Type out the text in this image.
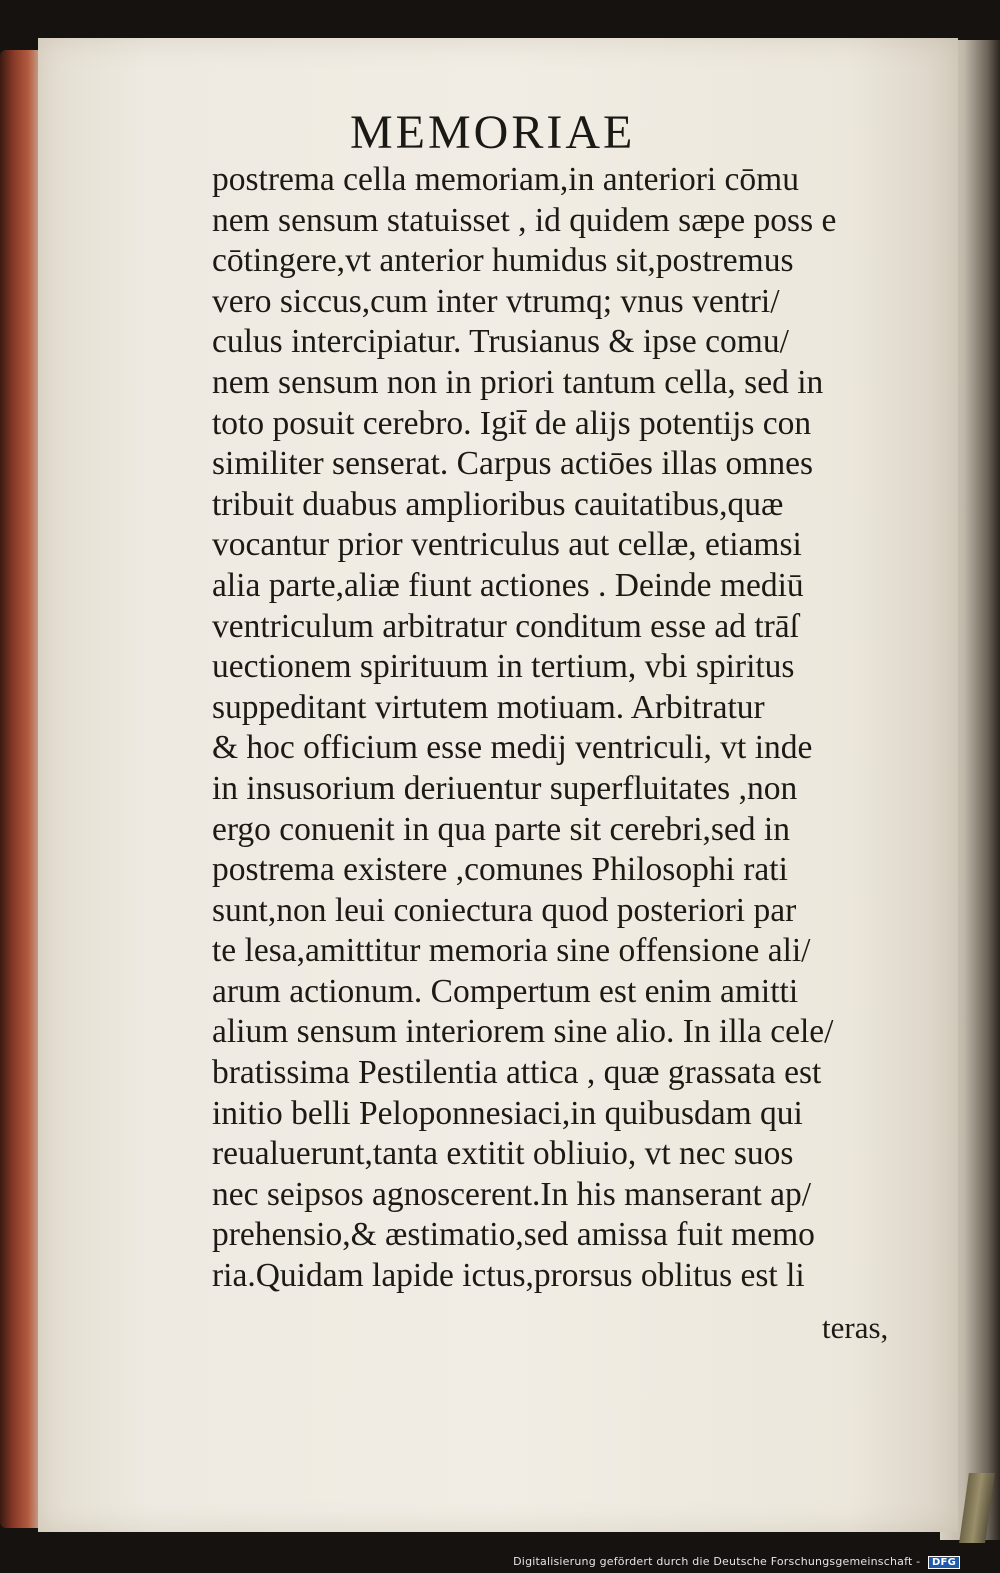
MEMORIAE
postrema cella memoriam,in anteriori cōmu
nem sensum statuisset , id quidem sæpe poss e
cōtingere,vt anterior humidus sit,postremus
vero siccus,cum inter vtrumq; vnus ventri/
culus intercipiatur. Trusianus & ipse comu/
nem sensum non in priori tantum cella, sed in
toto posuit cerebro. Igit̄ de alijs potentijs con
similiter senserat. Carpus actiōes illas omnes
tribuit duabus amplioribus cauitatibus,quæ
vocantur prior ventriculus aut cellæ, etiamsi
alia parte,aliæ fiunt actiones . Deinde mediū
ventriculum arbitratur conditum esse ad trāſ
uectionem spirituum in tertium, vbi spiritus
suppeditant virtutem motiuam. Arbitratur
& hoc officium esse medij ventriculi, vt inde
in insusorium deriuentur superfluitates ,non
ergo conuenit in qua parte sit cerebri,sed in
postrema existere ,comunes Philosophi rati
sunt,non leui coniectura quod posteriori par
te lesa,amittitur memoria sine offensione ali/
arum actionum. Compertum est enim amitti
alium sensum interiorem sine alio. In illa cele/
bratissima Pestilentia attica , quæ grassata est
initio belli Peloponnesiaci,in quibusdam qui
reualuerunt,tanta extitit obliuio, vt nec suos
nec seipsos agnoscerent.In his manserant ap/
prehensio,& æstimatio,sed amissa fuit memo
ria.Quidam lapide ictus,prorsus oblitus est li
teras,
Digitalisierung gefördert durch die Deutsche Forschungsgemeinschaft - DFG
